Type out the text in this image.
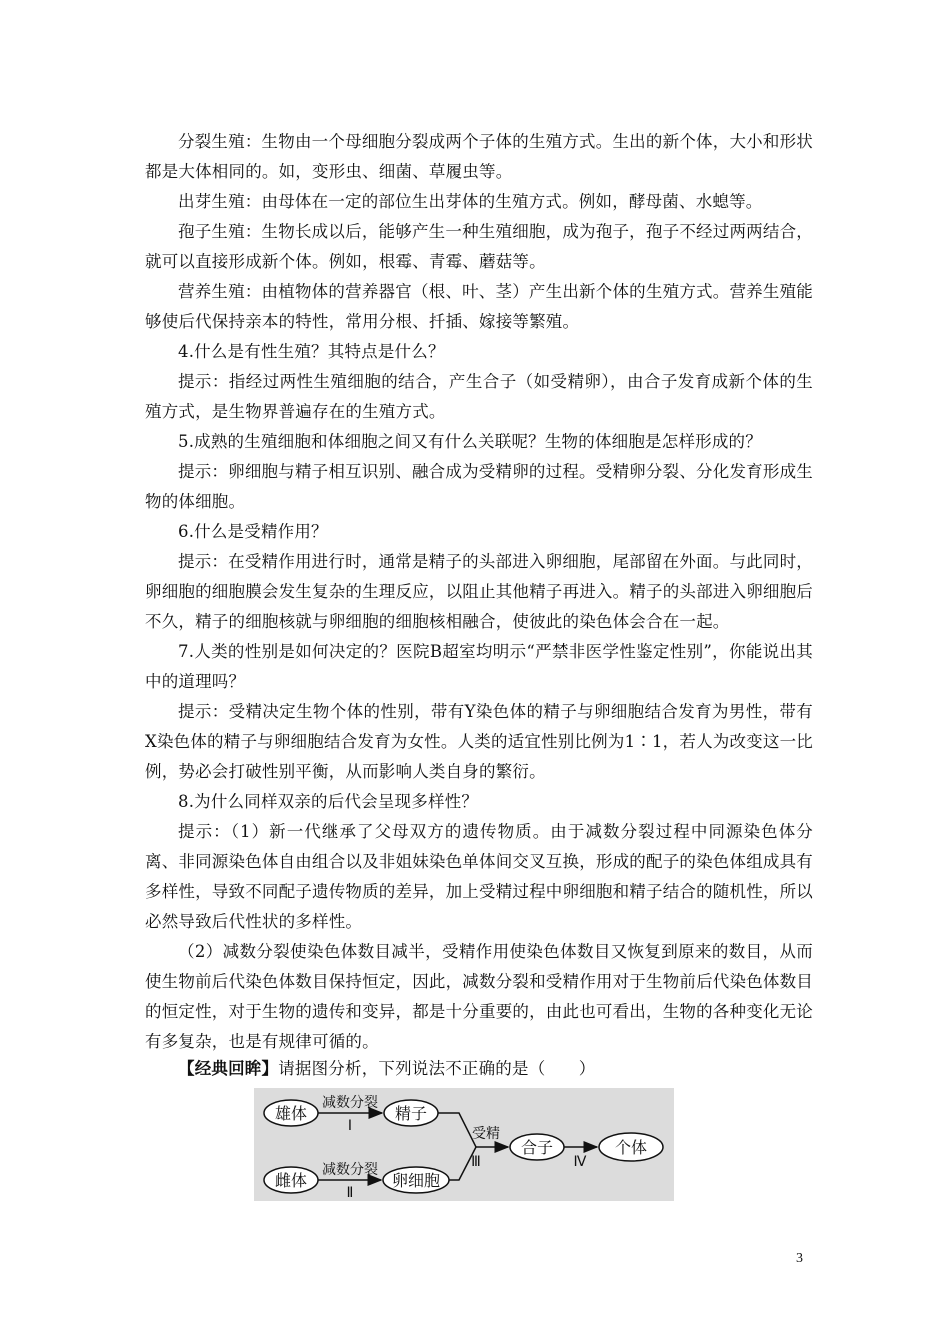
分裂生殖：生物由一个母细胞分裂成两个子体的生殖方式。生出的新个体，大小和形状都是大体相同的。如，变形虫、细菌、草履虫等。

出芽生殖：由母体在一定的部位生出芽体的生殖方式。例如，酵母菌、水螅等。

孢子生殖：生物长成以后，能够产生一种生殖细胞，成为孢子，孢子不经过两两结合，就可以直接形成新个体。例如，根霉、青霉、蘑菇等。

营养生殖：由植物体的营养器官（根、叶、茎）产生出新个体的生殖方式。营养生殖能够使后代保持亲本的特性，常用分根、扦插、嫁接等繁殖。

4.什么是有性生殖？其特点是什么？

提示：指经过两性生殖细胞的结合，产生合子（如受精卵），由合子发育成新个体的生殖方式，是生物界普遍存在的生殖方式。

5.成熟的生殖细胞和体细胞之间又有什么关联呢？生物的体细胞是怎样形成的？

提示：卵细胞与精子相互识别、融合成为受精卵的过程。受精卵分裂、分化发育形成生物的体细胞。

6.什么是受精作用？

提示：在受精作用进行时，通常是精子的头部进入卵细胞，尾部留在外面。与此同时，卵细胞的细胞膜会发生复杂的生理反应，以阻止其他精子再进入。精子的头部进入卵细胞后不久，精子的细胞核就与卵细胞的细胞核相融合，使彼此的染色体会合在一起。

7.人类的性别是如何决定的？医院B超室均明示“严禁非医学性鉴定性别”，你能说出其中的道理吗？

提示：受精决定生物个体的性别，带有Y染色体的精子与卵细胞结合发育为男性，带有X染色体的精子与卵细胞结合发育为女性。人类的适宜性别比例为1∶1，若人为改变这一比例，势必会打破性别平衡，从而影响人类自身的繁衍。

8.为什么同样双亲的后代会呈现多样性？

提示：（1）新一代继承了父母双方的遗传物质。由于减数分裂过程中同源染色体分离、非同源染色体自由组合以及非姐妹染色单体间交叉互换，形成的配子的染色体组成具有多样性，导致不同配子遗传物质的差异，加上受精过程中卵细胞和精子结合的随机性，所以必然导致后代性状的多样性。

（2）减数分裂使染色体数目减半，受精作用使染色体数目又恢复到原来的数目，从而使生物前后代染色体数目保持恒定，因此，减数分裂和受精作用对于生物前后代染色体数目的恒定性，对于生物的遗传和变异，都是十分重要的，由此也可看出，生物的各种变化无论有多复杂，也是有规律可循的。

【经典回眸】请据图分析，下列说法不正确的是（　　）

雄体
雌体
精子
卵细胞
合子	个体
减数分裂
Ⅰ
减数分裂
Ⅱ
受精
Ⅲ	Ⅳ
3
